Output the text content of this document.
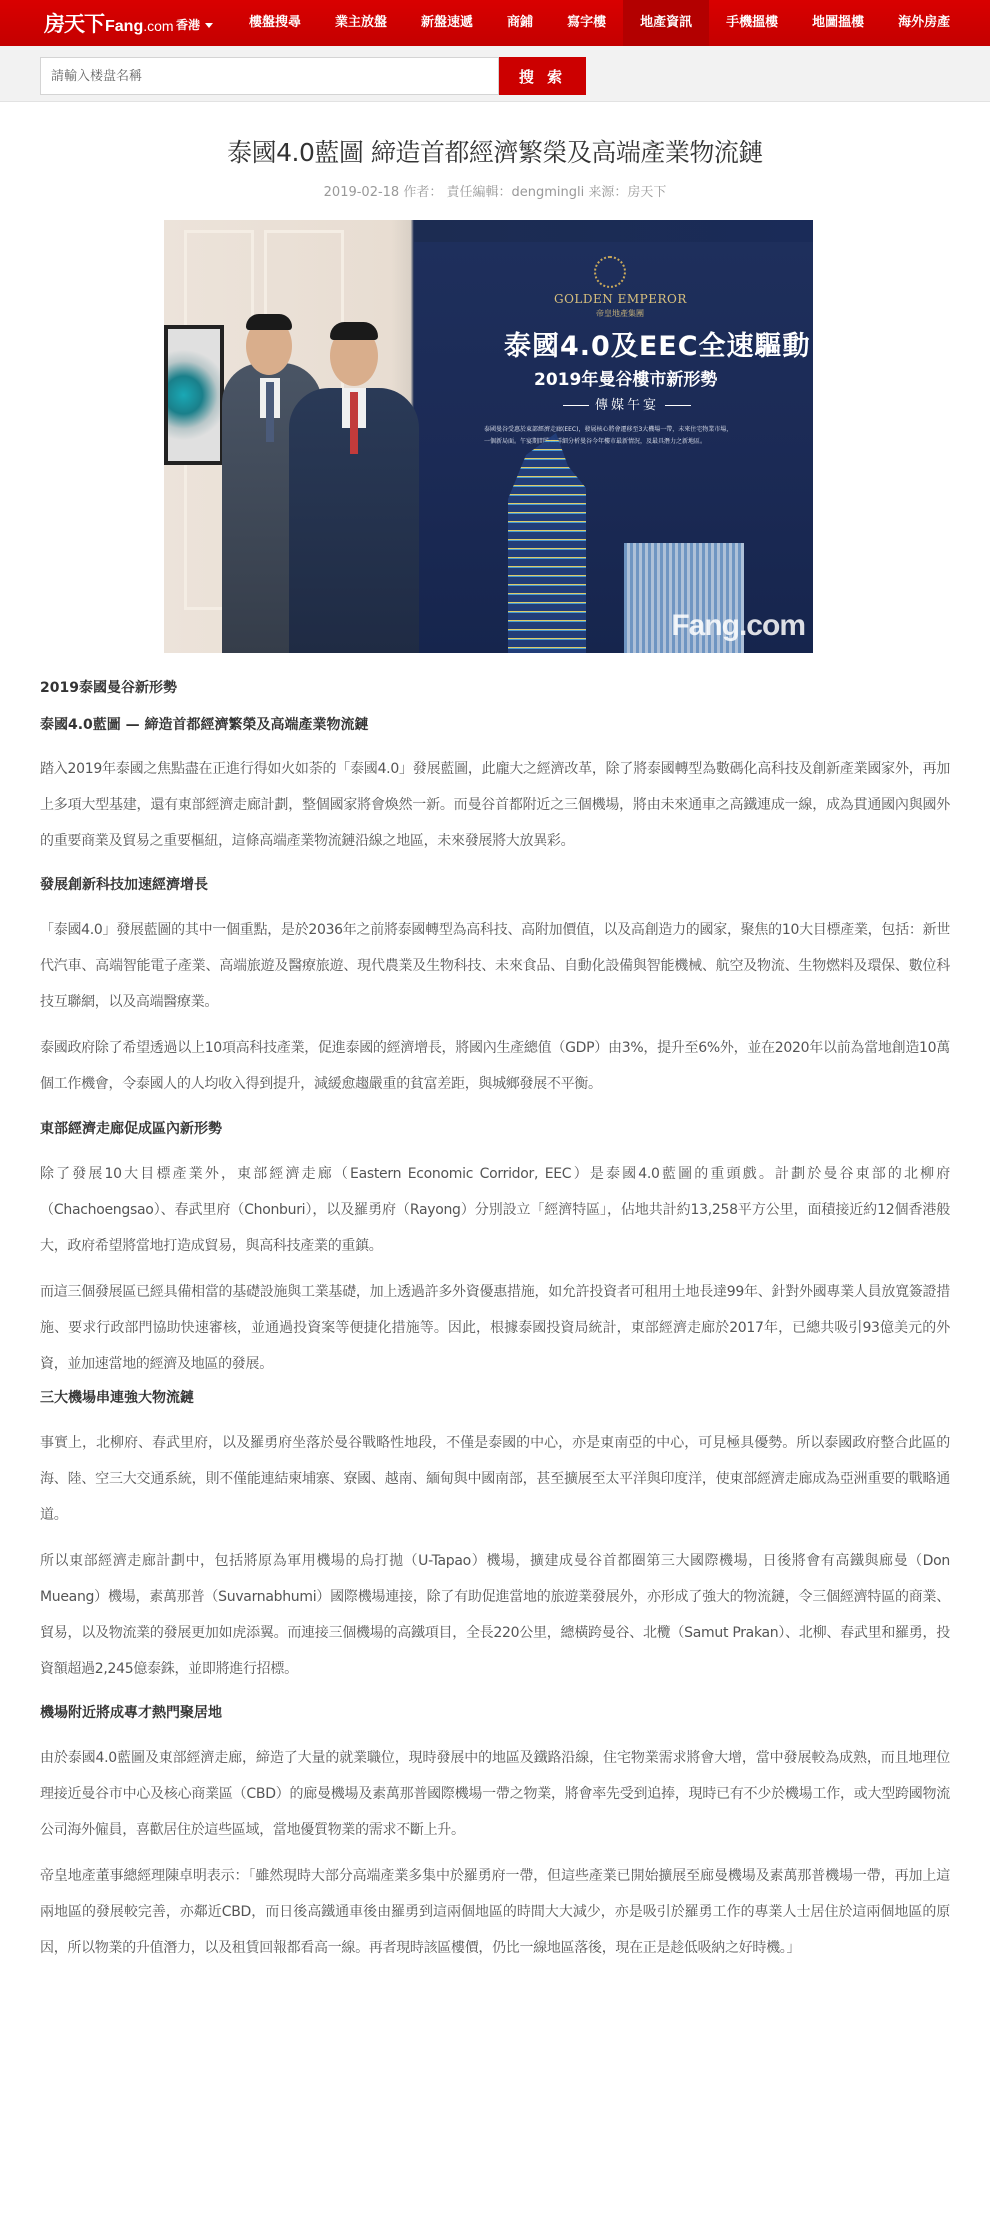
房天下 Fang.com 香港	樓盤搜尋	業主放盤	新盤速遞	商鋪	寫字樓	地產資訊	手機搵樓	地圖搵樓	海外房產
請輸入楼盘名稱
搜 索
泰國4.0藍圖 締造首都經濟繁榮及高端產業物流鏈
2019-02-18 作者： 責任編輯：dengmingli 来源：房天下
GOLDEN EMPEROR
帝皇地產集團
泰國4.0及EEC全速驅動
2019年曼谷樓市新形勢
傳媒午宴
泰國曼谷受惠於東部經濟走廊(EEC)，發展核心將會遷移至3大機場一帶，未來住宅物業市場，
一個新局面。午宴期間將會詳細分析曼谷今年樓市最新情況，及最具潛力之新地區。
Fang.com
2019泰國曼谷新形勢
泰國4.0藍圖 — 締造首都經濟繁榮及高端產業物流鏈

踏入2019年泰國之焦點盡在正進行得如火如荼的「泰國4.0」發展藍圖，此龐大之經濟改革，除了將泰國轉型為數碼化高科技及創新產業國家外，再加上多項大型基建，還有東部經濟走廊計劃，整個國家將會煥然一新。而曼谷首都附近之三個機場，將由未來通車之高鐵連成一線，成為貫通國內與國外的重要商業及貿易之重要樞紐，這條高端產業物流鏈沿線之地區，未來發展將大放異彩。

發展創新科技加速經濟增長

「泰國4.0」發展藍圖的其中一個重點，是於2036年之前將泰國轉型為高科技、高附加價值，以及高創造力的國家，聚焦的10大目標產業，包括：新世代汽車、高端智能電子產業、高端旅遊及醫療旅遊、現代農業及生物科技、未來食品、自動化設備與智能機械、航空及物流、生物燃料及環保、數位科技互聯網，以及高端醫療業。

泰國政府除了希望透過以上10項高科技產業，促進泰國的經濟增長，將國內生產總值（GDP）由3%，提升至6%外，並在2020年以前為當地創造10萬個工作機會，令泰國人的人均收入得到提升，減緩愈趨嚴重的貧富差距，與城鄉發展不平衡。

東部經濟走廊促成區內新形勢

除了發展10大目標產業外，東部經濟走廊（Eastern Economic Corridor, EEC）是泰國4.0藍圖的重頭戲。計劃於曼谷東部的北柳府（Chachoengsao）、春武里府（Chonburi），以及羅勇府（Rayong）分別設立「經濟特區」，佔地共計約13,258平方公里，面積接近約12個香港般大，政府希望將當地打造成貿易，與高科技產業的重鎮。

而這三個發展區已經具備相當的基礎設施與工業基礎，加上透過許多外資優惠措施，如允許投資者可租用土地長達99年、針對外國專業人員放寬簽證措施、要求行政部門協助快速審核，並通過投資案等便捷化措施等。因此，根據泰國投資局統計，東部經濟走廊於2017年，已總共吸引93億美元的外資，並加速當地的經濟及地區的發展。

三大機場串連強大物流鏈

事實上，北柳府、春武里府，以及羅勇府坐落於曼谷戰略性地段，不僅是泰國的中心，亦是東南亞的中心，可見極具優勢。所以泰國政府整合此區的海、陸、空三大交通系統，則不僅能連結柬埔寨、寮國、越南、緬甸與中國南部，甚至擴展至太平洋與印度洋，使東部經濟走廊成為亞洲重要的戰略通道。

所以東部經濟走廊計劃中，包括將原為軍用機場的烏打拋（U-Tapao）機場，擴建成曼谷首都圈第三大國際機場，日後將會有高鐵與廊曼（Don Mueang）機場，素萬那普（Suvarnabhumi）國際機場連接，除了有助促進當地的旅遊業發展外，亦形成了強大的物流鏈，令三個經濟特區的商業、貿易，以及物流業的發展更加如虎添翼。而連接三個機場的高鐵項目，全長220公里，總橫跨曼谷、北欖（Samut Prakan）、北柳、春武里和羅勇，投資額超過2,245億泰銖，並即將進行招標。

機場附近將成專才熱門聚居地

由於泰國4.0藍圖及東部經濟走廊，締造了大量的就業職位，現時發展中的地區及鐵路沿線，住宅物業需求將會大增，當中發展較為成熟，而且地理位理接近曼谷市中心及核心商業區（CBD）的廊曼機場及素萬那普國際機場一帶之物業，將會率先受到追捧，現時已有不少於機場工作，或大型跨國物流公司海外僱員，喜歡居住於這些區域，當地優質物業的需求不斷上升。

帝皇地產董事總經理陳卓明表示：「雖然現時大部分高端產業多集中於羅勇府一帶，但這些產業已開始擴展至廊曼機場及素萬那普機場一帶，再加上這兩地區的發展較完善，亦鄰近CBD，而日後高鐵通車後由羅勇到這兩個地區的時間大大減少，亦是吸引於羅勇工作的專業人士居住於這兩個地區的原因，所以物業的升值潛力，以及租賃回報都看高一線。再者現時該區樓價，仍比一線地區落後，現在正是趁低吸納之好時機。」
